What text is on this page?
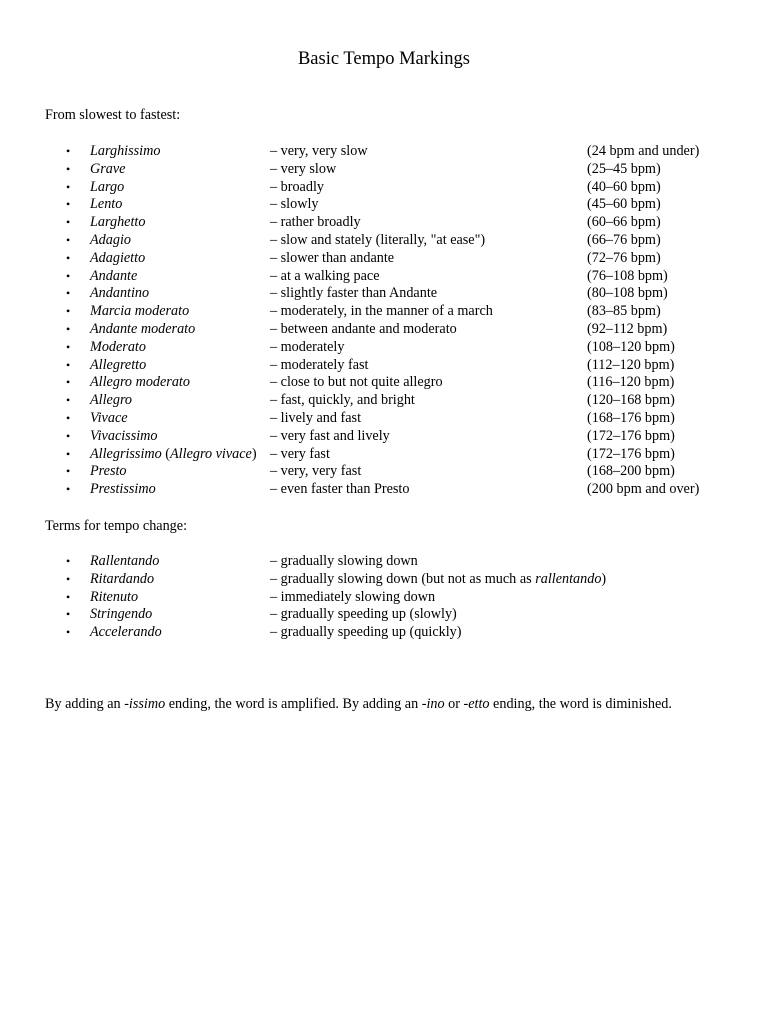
Basic Tempo Markings
From slowest to fastest:
• Larghissimo	– very, very slow	(24 bpm and under)
• Grave	– very slow	(25–45 bpm)
• Largo	– broadly	(40–60 bpm)
• Lento	– slowly	(45–60 bpm)
• Larghetto	– rather broadly	(60–66 bpm)
• Adagio	– slow and stately (literally, "at ease")	(66–76 bpm)
• Adagietto	– slower than andante	(72–76 bpm)
• Andante	– at a walking pace	(76–108 bpm)
• Andantino	– slightly faster than Andante	(80–108 bpm)
• Marcia moderato	– moderately, in the manner of a march	(83–85 bpm)
• Andante moderato	– between andante and moderato	(92–112 bpm)
• Moderato	– moderately	(108–120 bpm)
• Allegretto	– moderately fast	(112–120 bpm)
• Allegro moderato	– close to but not quite allegro	(116–120 bpm)
• Allegro	– fast, quickly, and bright	(120–168 bpm)
• Vivace	– lively and fast	(168–176 bpm)
• Vivacissimo	– very fast and lively	(172–176 bpm)
• Allegrissimo (Allegro vivace) – very fast	(172–176 bpm)
• Presto	– very, very fast	(168–200 bpm)
• Prestissimo	– even faster than Presto	(200 bpm and over)
Terms for tempo change:
• Rallentando	– gradually slowing down
• Ritardando	– gradually slowing down (but not as much as rallentando)
• Ritenuto	– immediately slowing down
• Stringendo	– gradually speeding up (slowly)
• Accelerando	– gradually speeding up (quickly)
By adding an -issimo ending, the word is amplified. By adding an -ino or -etto ending, the word is diminished.
